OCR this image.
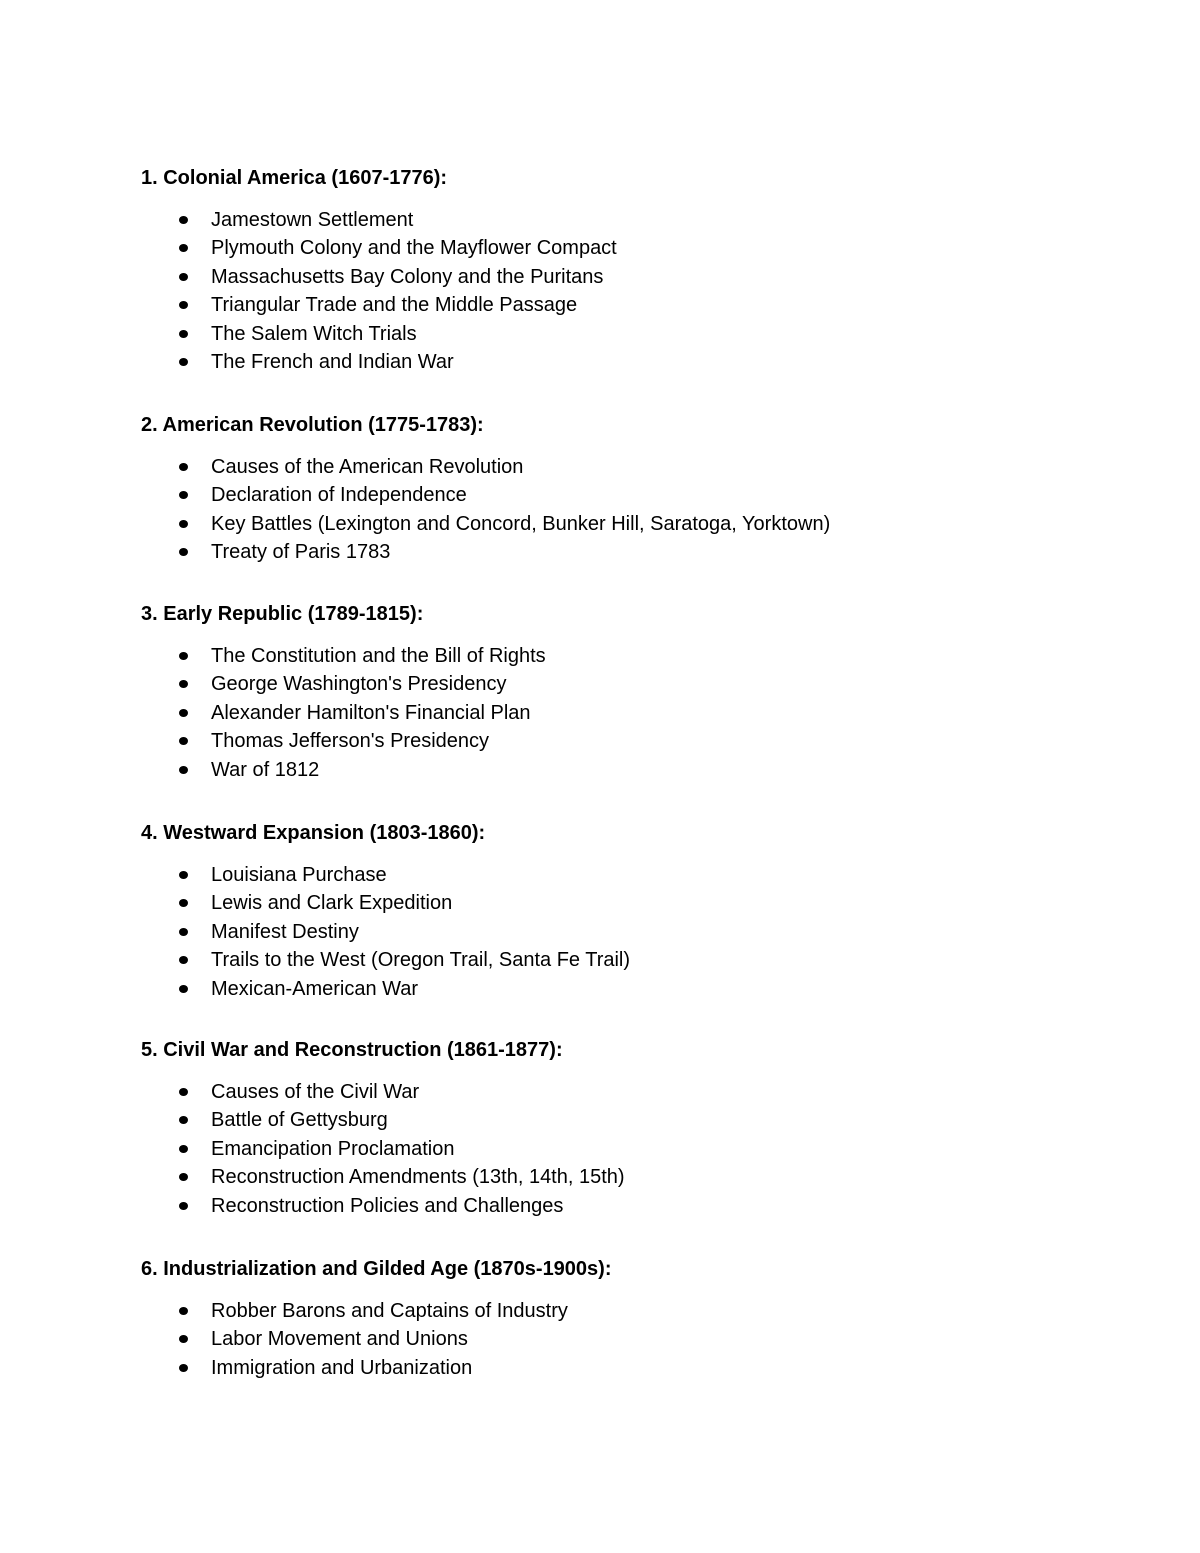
1. Colonial America (1607-1776):
Jamestown Settlement
Plymouth Colony and the Mayflower Compact
Massachusetts Bay Colony and the Puritans
Triangular Trade and the Middle Passage
The Salem Witch Trials
The French and Indian War
2. American Revolution (1775-1783):
Causes of the American Revolution
Declaration of Independence
Key Battles (Lexington and Concord, Bunker Hill, Saratoga, Yorktown)
Treaty of Paris 1783
3. Early Republic (1789-1815):
The Constitution and the Bill of Rights
George Washington's Presidency
Alexander Hamilton's Financial Plan
Thomas Jefferson's Presidency
War of 1812
4. Westward Expansion (1803-1860):
Louisiana Purchase
Lewis and Clark Expedition
Manifest Destiny
Trails to the West (Oregon Trail, Santa Fe Trail)
Mexican-American War
5. Civil War and Reconstruction (1861-1877):
Causes of the Civil War
Battle of Gettysburg
Emancipation Proclamation
Reconstruction Amendments (13th, 14th, 15th)
Reconstruction Policies and Challenges
6. Industrialization and Gilded Age (1870s-1900s):
Robber Barons and Captains of Industry
Labor Movement and Unions
Immigration and Urbanization
